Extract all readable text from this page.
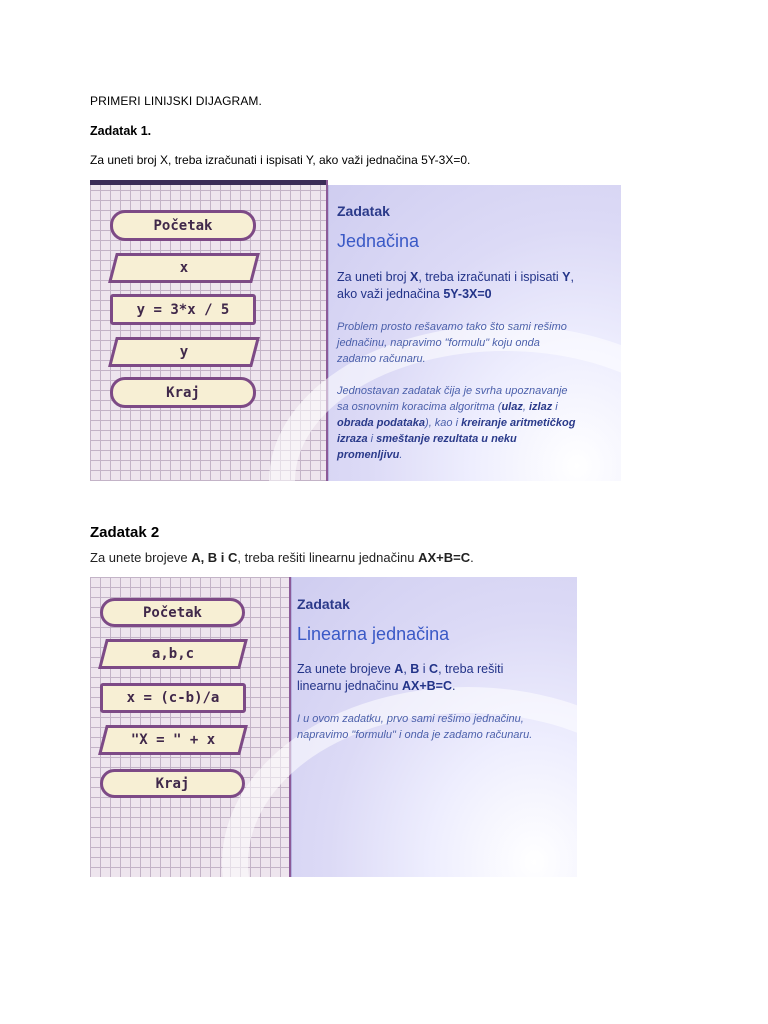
PRIMERI LINIJSKI DIJAGRAM.
Zadatak 1.
Za uneti broj X, treba izračunati i ispisati Y, ako važi jednačina 5Y-3X=0.
Početak
x
y = 3*x / 5
y
Kraj
Zadatak
Jednačina
Za uneti broj X, treba izračunati i ispisati Y,
ako važi jednačina 5Y-3X=0
Problem prosto rešavamo tako što sami rešimo
jednačinu, napravimo "formulu" koju onda
zadamo računaru.
Jednostavan zadatak čija je svrha upoznavanje
sa osnovnim koracima algoritma (ulaz, izlaz i
obrada podataka), kao i kreiranje aritmetičkog
izraza i smeštanje rezultata u neku
promenljivu.
Zadatak 2
Za unete brojeve A, B i C, treba rešiti linearnu jednačinu AX+B=C.
Početak
a,b,c
x = (c-b)/a
"X = " + x
Kraj
Zadatak
Linearna jednačina
Za unete brojeve A, B i C, treba rešiti
linearnu jednačinu AX+B=C.
I u ovom zadatku, prvo sami rešimo jednačinu,
napravimo "formulu" i onda je zadamo računaru.
